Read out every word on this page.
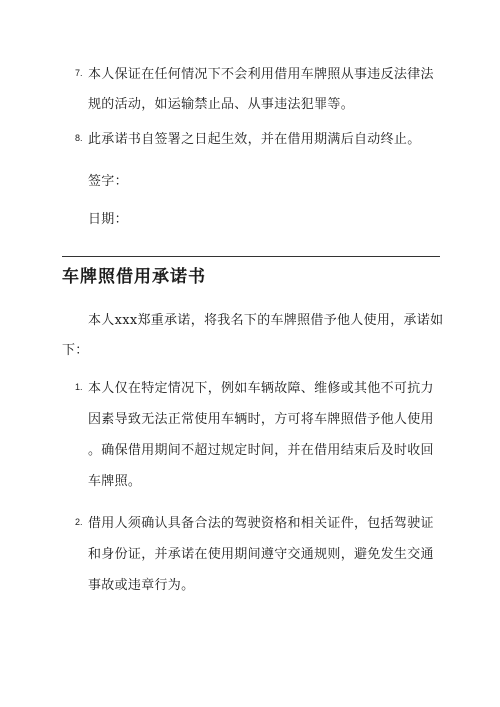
7. 本人保证在任何情况下不会利用借用车牌照从事违反法律法
规的活动，如运输禁止品、从事违法犯罪等。
8. 此承诺书自签署之日起生效，并在借用期满后自动终止。
签字：
日期：
车牌照借用承诺书
本人xxx郑重承诺，将我名下的车牌照借予他人使用，承诺如
下：
1. 本人仅在特定情况下，例如车辆故障、维修或其他不可抗力
因素导致无法正常使用车辆时，方可将车牌照借予他人使用
。确保借用期间不超过规定时间，并在借用结束后及时收回
车牌照。
2. 借用人须确认具备合法的驾驶资格和相关证件，包括驾驶证
和身份证，并承诺在使用期间遵守交通规则，避免发生交通
事故或违章行为。
